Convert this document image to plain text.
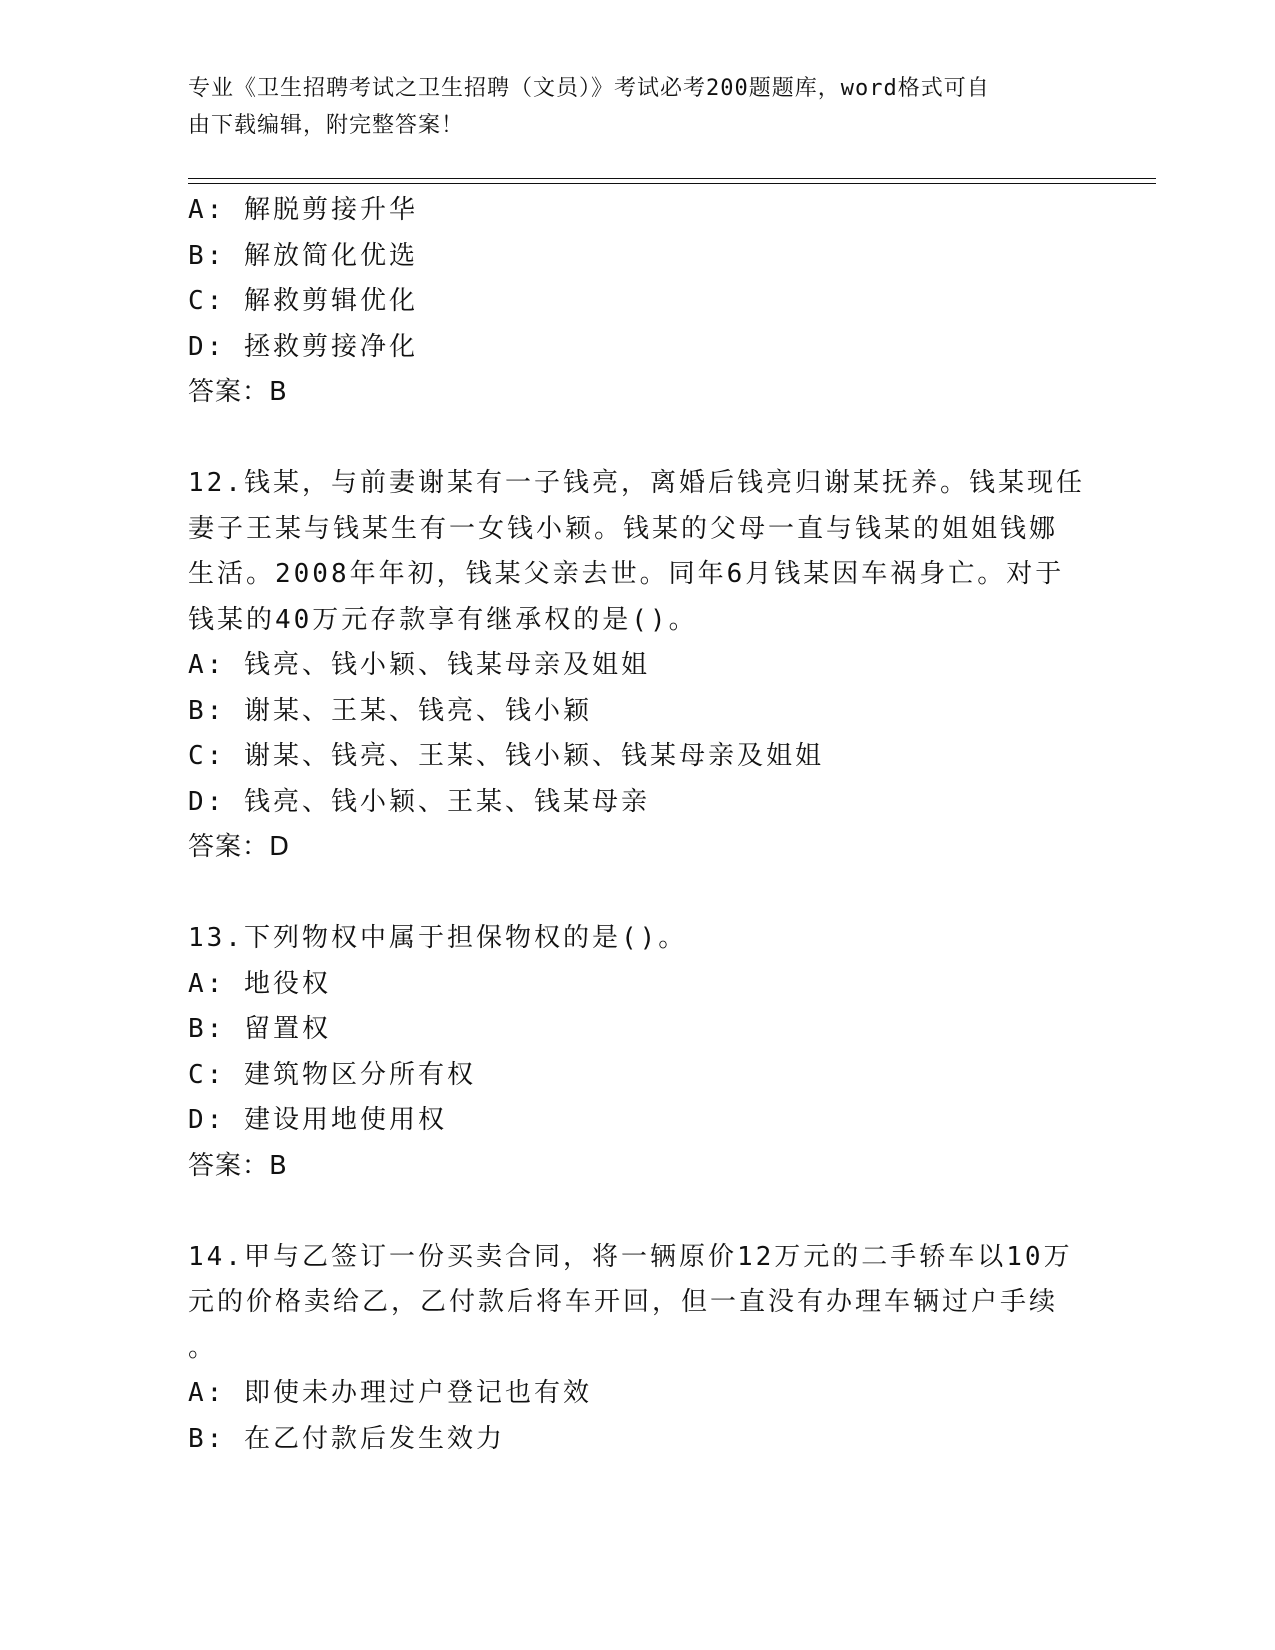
专业《卫生招聘考试之卫生招聘（文员）》考试必考200题题库，word格式可自
由下载编辑，附完整答案！
A: 解脱剪接升华
B: 解放简化优选
C: 解救剪辑优化
D: 拯救剪接净化
答案：B
12.钱某，与前妻谢某有一子钱亮，离婚后钱亮归谢某抚养。钱某现任
妻子王某与钱某生有一女钱小颖。钱某的父母一直与钱某的姐姐钱娜
生活。2008年年初，钱某父亲去世。同年6月钱某因车祸身亡。对于
钱某的40万元存款享有继承权的是()。
A: 钱亮、钱小颖、钱某母亲及姐姐
B: 谢某、王某、钱亮、钱小颖
C: 谢某、钱亮、王某、钱小颖、钱某母亲及姐姐
D: 钱亮、钱小颖、王某、钱某母亲
答案：D
13.下列物权中属于担保物权的是()。
A: 地役权
B: 留置权
C: 建筑物区分所有权
D: 建设用地使用权
答案：B
14.甲与乙签订一份买卖合同，将一辆原价12万元的二手轿车以10万
元的价格卖给乙，乙付款后将车开回，但一直没有办理车辆过户手续
。
A: 即使未办理过户登记也有效
B: 在乙付款后发生效力
